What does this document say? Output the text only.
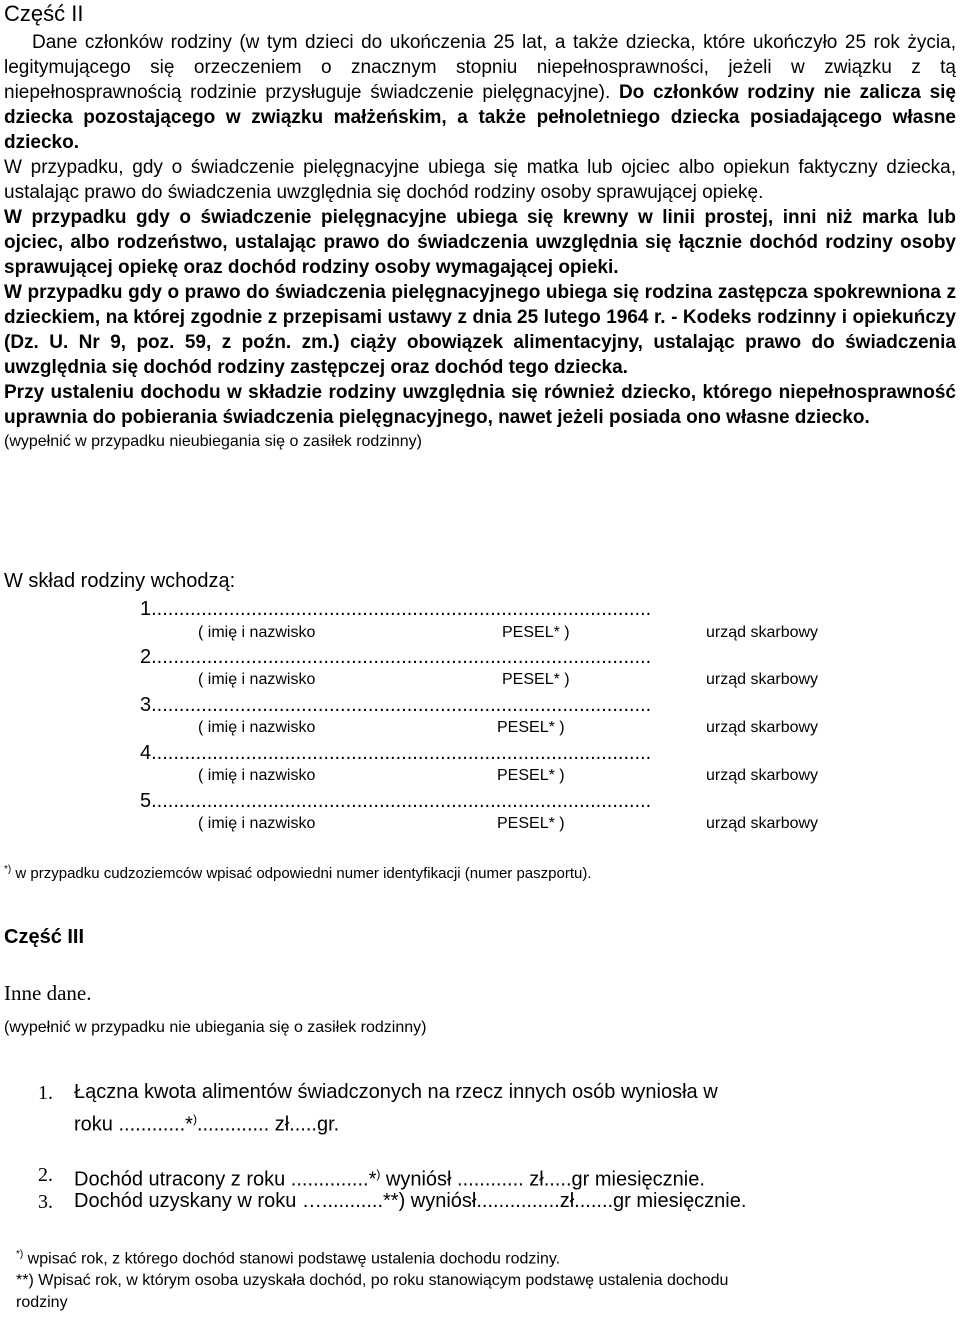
Część II

Dane członków rodziny (w tym dzieci do ukończenia 25 lat, a także dziecka, które ukończyło 25 rok życia, legitymującego się orzeczeniem o znacznym stopniu niepełnosprawności, jeżeli w związku z tą niepełnosprawnością rodzinie przysługuje świadczenie pielęgnacyjne). Do członków rodziny nie zalicza się dziecka pozostającego w związku małżeńskim, a także pełnoletniego dziecka posiadającego własne dziecko.

W przypadku, gdy o świadczenie pielęgnacyjne ubiega się matka lub ojciec albo opiekun faktyczny dziecka, ustalając prawo do świadczenia uwzględnia się dochód rodziny osoby sprawującej opiekę.

W przypadku gdy o świadczenie pielęgnacyjne ubiega się krewny w linii prostej, inni niż marka lub ojciec, albo rodzeństwo, ustalając prawo do świadczenia uwzględnia się łącznie dochód rodziny osoby sprawującej opiekę oraz dochód rodziny osoby wymagającej opieki.

W przypadku gdy o prawo do świadczenia pielęgnacyjnego ubiega się rodzina zastępcza spokrewniona z dzieckiem, na której zgodnie z przepisami ustawy z dnia 25 lutego 1964 r. - Kodeks rodzinny i opiekuńczy (Dz. U. Nr 9, poz. 59, z poźn. zm.) ciąży obowiązek alimentacyjny, ustalając prawo do świadczenia uwzględnia się dochód rodziny zastępczej oraz dochód tego dziecka.

Przy ustaleniu dochodu w składzie rodziny uwzględnia się również dziecko, którego niepełnosprawność uprawnia do pobierania świadczenia pielęgnacyjnego, nawet jeżeli posiada ono własne dziecko.

(wypełnić w przypadku nieubiegania się o zasiłek rodzinny)

W skład rodziny wchodzą:
1..........................................................................................
( imię i nazwisko	PESEL* )	urząd skarbowy
2..........................................................................................
( imię i nazwisko	PESEL* )	urząd skarbowy
3..........................................................................................
( imię i nazwisko	PESEL* )	urząd skarbowy
4..........................................................................................
( imię i nazwisko	PESEL* )	urząd skarbowy
5..........................................................................................
( imię i nazwisko	PESEL* )	urząd skarbowy
*) w przypadku cudzoziemców wpisać odpowiedni numer identyfikacji (numer paszportu).
Część III
Inne dane.
(wypełnić w przypadku nie ubiegania się o zasiłek rodzinny)
1. Łączna kwota alimentów świadczonych na rzecz innych osób wyniosła w
roku ............*)............. zł.....gr.
2. Dochód utracony z roku ..............*) wyniósł ............ zł.....gr miesięcznie.
3. Dochód uzyskany w roku …...........**) wyniósł...............zł.......gr miesięcznie.
*) wpisać rok, z którego dochód stanowi podstawę ustalenia dochodu rodziny.
**) Wpisać rok, w którym osoba uzyskała dochód, po roku stanowiącym podstawę ustalenia dochodu
rodziny
